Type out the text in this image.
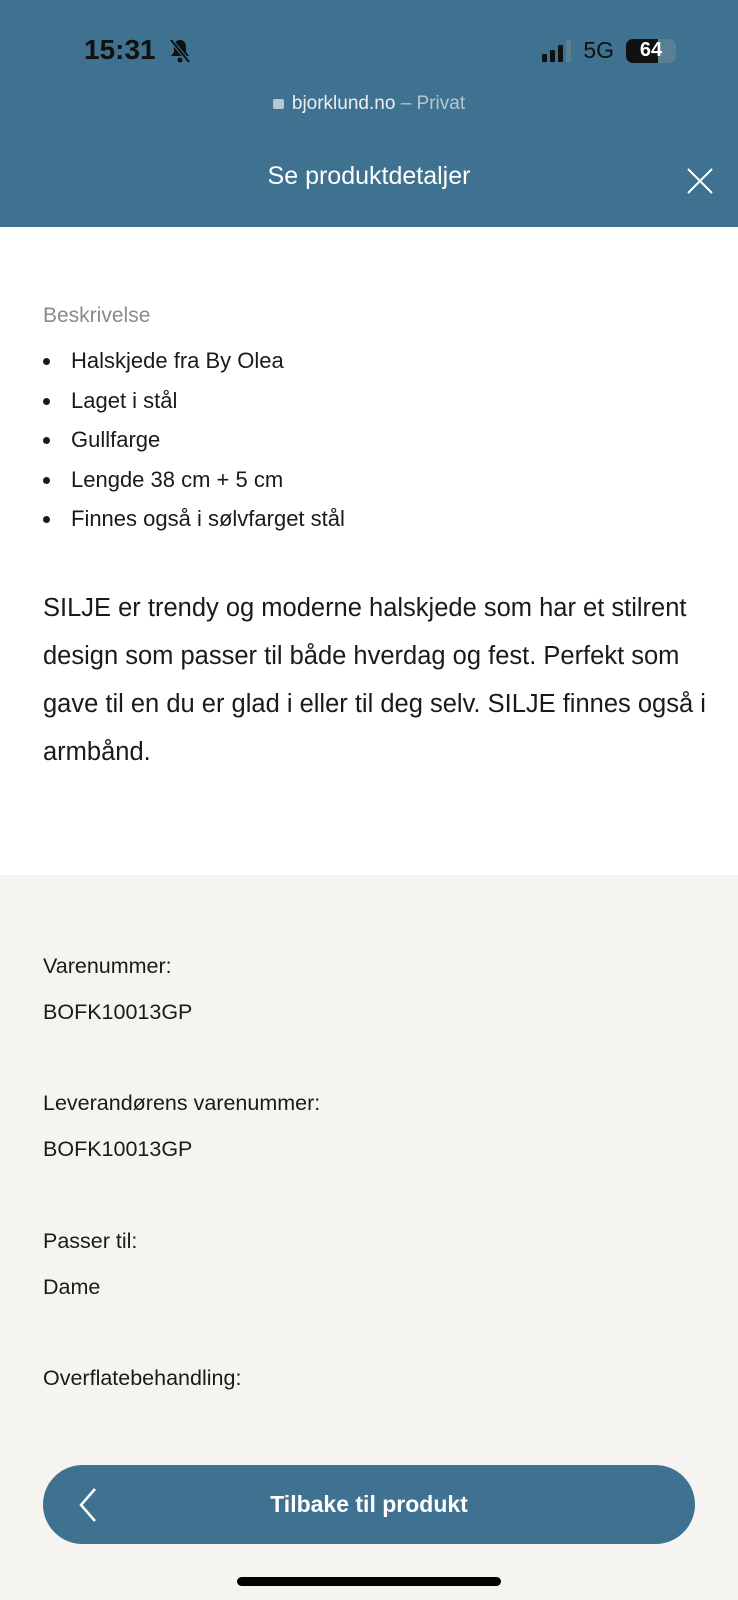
15:31	5G	64
bjorklund.no – Privat
Se produktdetaljer
Beskrivelse
Halskjede fra By Olea
Laget i stål
Gullfarge
Lengde 38 cm + 5 cm
Finnes også i sølvfarget stål
SILJE er trendy og moderne halskjede som har et stilrent design som passer til både hverdag og fest. Perfekt som gave til en du er glad i eller til deg selv. SILJE finnes også i armbånd.
Varenummer:
BOFK10013GP
Leverandørens varenummer:
BOFK10013GP
Passer til:
Dame
Overflatebehandling:
Tilbake til produkt
